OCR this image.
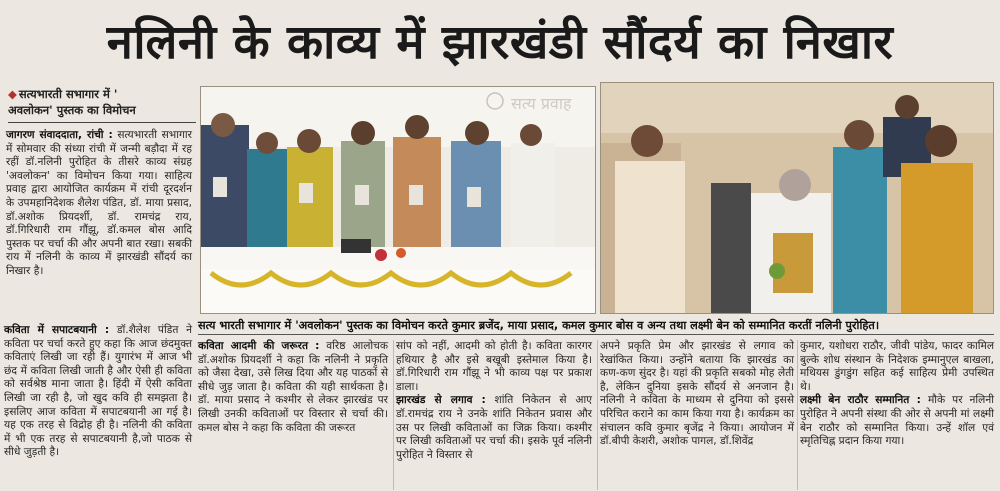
नलिनी के काव्य में झारखंडी सौंदर्य का निखार
◆ सत्यभारती सभागार में '
अवलोकन' पुस्तक का विमोचन

जागरण संवाददाता, रांची : सत्यभारती सभागार में सोमवार की संध्या रांची में जन्मी बड़ौदा में रह रहीं डॉ.नलिनी पुरोहित के तीसरे काव्य संग्रह 'अवलोकन' का विमोचन किया गया। साहित्य प्रवाह द्वारा आयोजित कार्यक्रम में रांची दूरदर्शन के उपमहानिदेशक शैलेश पंडित, डॉ. माया प्रसाद, डॉ.अशोक प्रियदर्शी, डॉ. रामचंद्र राय, डॉ.गिरिधारी राम गौंझू, डॉ.कमल बोस आदि पुस्तक पर चर्चा की और अपनी बात रखा। सबकी राय में नलिनी के काव्य में झारखंडी सौंदर्य का निखार है।

कविता में सपाटबयानी : डॉ.शैलेश पंडित ने कविता पर चर्चा करते हुए कहा कि आज छंदमुक्त कविताएं लिखी जा रही हैं। युगारंभ में आज भी छंद में कविता लिखी जाती है और ऐसी ही कविता को सर्वश्रेष्ठ माना जाता है। हिंदी में ऐसी कविता लिखी जा रही है, जो खुद कवि ही समझता है। इसलिए आज कविता में सपाटबयानी आ गई है। यह एक तरह से विद्रोह ही है। नलिनी की कविता में भी एक तरह से सपाटबयानी है,जो पाठक से सीधे जुड़ती है।

सत्य प्रवाह
सत्य भारती सभागार में 'अवलोकन' पुस्तक का विमोचन करते कुमार ब्रजेंद, माया प्रसाद, कमल कुमार बोस व अन्य तथा लक्ष्मी बेन को सम्मानित करतीं नलिनी पुरोहित।

कविता आदमी की जरूरत : वरिष्ठ आलोचक डॉ.अशोक प्रियदर्शी ने कहा कि नलिनी ने प्रकृति को जैसा देखा, उसे लिख दिया और यह पाठकों से सीधे जुड़ जाता है। कविता की यही सार्थकता है। डॉ. माया प्रसाद ने कश्मीर से लेकर झारखंड पर लिखी उनकी कविताओं पर विस्तार से चर्चा की। कमल बोस ने कहा कि कविता की जरूरत

सांप को नहीं, आदमी को होती है। कविता कारगर हथियार है और इसे बखूबी इस्तेमाल किया है। डॉ.गिरिधारी राम गौंझू ने भी काव्य पक्ष पर प्रकाश डाला।

झारखंड से लगाव : शांति निकेतन से आए डॉ.रामचंद्र राय ने उनके शांति निकेतन प्रवास और उस पर लिखी कविताओं का जिक्र किया। कश्मीर पर लिखी कविताओं पर चर्चा की। इसके पूर्व नलिनी पुरोहित ने विस्तार से

अपने प्रकृति प्रेम और झारखंड से लगाव को रेखांकित किया। उन्होंने बताया कि झारखंड का कण-कण सुंदर है। यहां की प्रकृति सबको मोह लेती है, लेकिन दुनिया इसके सौंदर्य से अनजान है। नलिनी ने कविता के माध्यम से दुनिया को इससे परिचित कराने का काम किया गया है। कार्यक्रम का संचालन कवि कुमार बृजेंद्र ने किया। आयोजन में डॉ.बीपी केशरी, अशोक पागल, डॉ.शिवेंद्र

कुमार, यशोधरा राठौर, जीवी पांडेय, फादर कामिल बुल्के शोध संस्थान के निदेशक इम्मानुएल बाखला, मथियस डुंगडुंग सहित कई साहित्य प्रेमी उपस्थित थे।

लक्ष्मी बेन राठौर सम्मानित : मौके पर नलिनी पुरोहित ने अपनी संस्था की ओर से अपनी मां लक्ष्मी बेन राठौर को सम्मानित किया। उन्हें शॉल एवं स्मृतिचिह्न प्रदान किया गया।
